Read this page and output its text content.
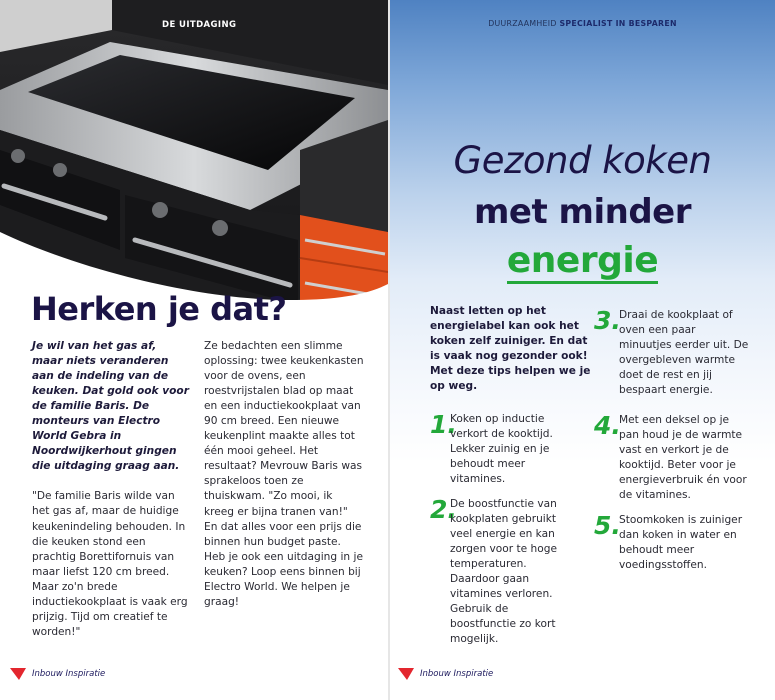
DE UITDAGING
Herken je dat?

Je wil van het gas af, maar niets veranderen aan de indeling van de keuken. Dat gold ook voor de familie Baris. De monteurs van Electro World Gebra in Noordwijkerhout gingen die uitdaging graag aan.

"De familie Baris wilde van het gas af, maar de huidige keukenindeling behouden. In die keuken stond een prachtig Borettifornuis van maar liefst 120 cm breed. Maar zo'n brede inductiekookplaat is vaak erg prijzig. Tijd om creatief te worden!"

Ze bedachten een slimme oplossing: twee keukenkasten voor de ovens, een roestvrijstalen blad op maat en een inductiekookplaat van 90 cm breed. Een nieuwe keukenplint maakte alles tot één mooi geheel. Het resultaat? Mevrouw Baris was sprakeloos toen ze thuiskwam. "Zo mooi, ik kreeg er bijna tranen van!" En dat alles voor een prijs die binnen hun budget paste. Heb je ook een uitdaging in je keuken? Loop eens binnen bij Electro World. We helpen je graag!

Inbouw Inspiratie
DUURZAAMHEID SPECIALIST IN BESPAREN
Gezond koken
met minder
energie

Naast letten op het energielabel kan ook het koken zelf zuiniger. En dat is vaak nog gezonder ook! Met deze tips helpen we je op weg.

1.

Koken op inductie verkort de kooktijd. Lekker zuinig en je behoudt meer vitamines.

2.

De boostfunctie van kookplaten gebruikt veel energie en kan zorgen voor te hoge temperaturen. Daardoor gaan vitamines verloren. Gebruik de boostfunctie zo kort mogelijk.

3.

Draai de kookplaat of oven een paar minuutjes eerder uit. De overgebleven warmte doet de rest en jij bespaart energie.

4.

Met een deksel op je pan houd je de warmte vast en verkort je de kooktijd. Beter voor je energieverbruik én voor de vitamines.

5.

Stoomkoken is zuiniger dan koken in water en behoudt meer voedingsstoffen.

Inbouw Inspiratie
